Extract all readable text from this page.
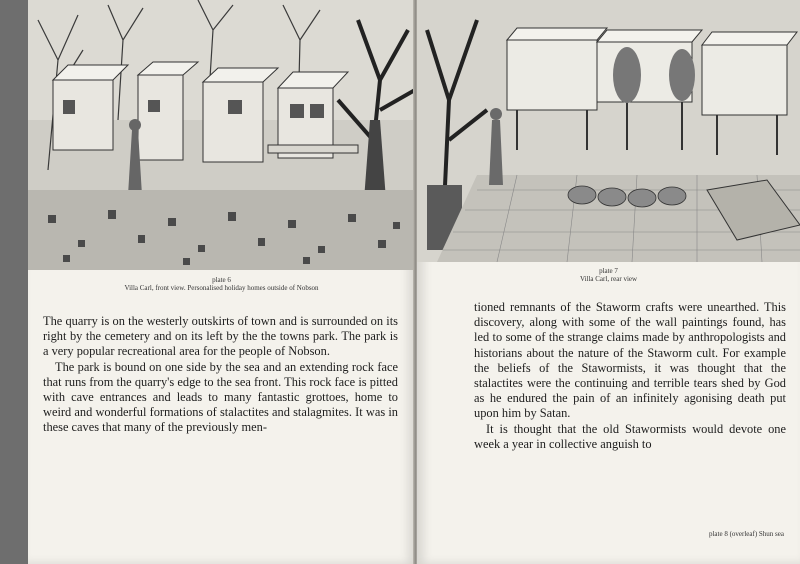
plate 6
Villa Carl, front view. Personalised holiday homes outside of Nobson

The quarry is on the westerly outskirts of town and is surrounded on its right by the cemetery and on its left by the the towns park. The park is a very popular recreational area for the people of Nobson.

The park is bound on one side by the sea and an extending rock face that runs from the quarry's edge to the sea front. This rock face is pitted with cave entrances and leads to many fantastic grottoes, home to weird and wonderful formations of stalactites and stalagmites. It was in these caves that many of the previously men-

plate 7
Villa Carl, rear view

tioned remnants of the Staworm crafts were unearthed. This discovery, along with some of the wall paintings found, has led to some of the strange claims made by anthropologists and historians about the nature of the Staworm cult. For example the beliefs of the Stawormists, it was thought that the stalactites were the continuing and terrible tears shed by God as he endured the pain of an infinitely agonising death put upon him by Satan.

It is thought that the old Stawormists would devote one week a year in collective anguish to

plate 8 (overleaf) Shun sea
